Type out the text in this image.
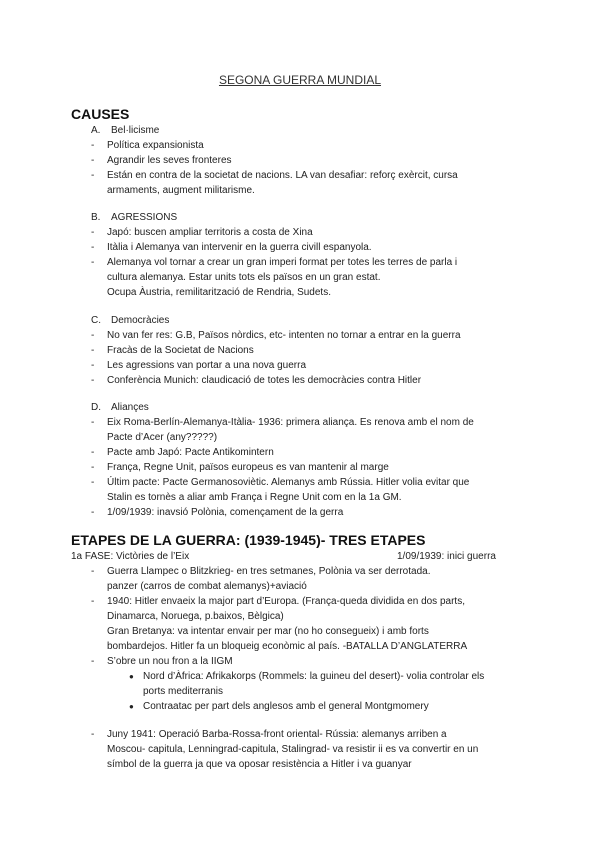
SEGONA GUERRA MUNDIAL
CAUSES
A.	Bel·licisme
-	Política expansionista
-	Agrandir les seves fronteres
-	Están en contra de la societat de nacions. LA van desafiar: reforç exèrcit, cursa
armaments, augment militarisme.
B.	AGRESSIONS
-	Japó: buscen ampliar territoris a costa de Xina
-	Itàlia i Alemanya van intervenir en la guerra civill espanyola.
-	Alemanya vol tornar a crear un gran imperi format per totes les terres de parla i
cultura alemanya. Estar units tots els països en un gran estat.
Ocupa Àustria, remilitarització de Rendria, Sudets.
C.	Democràcies
-	No van fer res: G.B, Països nòrdics, etc- intenten no tornar a entrar en la guerra
-	Fracàs de la Societat de Nacions
-	Les agressions van portar a una nova guerra
-	Conferència Munich: claudicació de totes les democràcies contra Hitler
D.	Aliançes
-	Eix Roma-Berlín-Alemanya-Itàlia- 1936: primera aliança. Es renova amb el nom de
Pacte d’Acer (any?????)
-	Pacte amb Japó: Pacte Antikomintern
-	França, Regne Unit, països europeus es van mantenir al marge
-	Últim pacte: Pacte Germanosoviètic. Alemanys amb Rússia. Hitler volia evitar que
Stalin es tornès a aliar amb França i Regne Unit com en la 1a GM.
-	1/09/1939: inavsió Polònia, començament de la gerra
ETAPES DE LA GUERRA: (1939-1945)- TRES ETAPES
1a FASE: Victòries de l’Eix	1/09/1939: inici guerra
-	Guerra Llampec o Blitzkrieg- en tres setmanes, Polònia va ser derrotada.
panzer (carros de combat alemanys)+aviació
-	1940: Hitler envaeix la major part d’Europa. (França-queda dividida en dos parts,
Dinamarca, Noruega, p.baixos, Bèlgica)
Gran Bretanya: va intentar envair per mar (no ho consegueix) i amb forts
bombardejos. Hitler fa un bloqueig econòmic al país. -BATALLA D’ANGLATERRA
-	S’obre un nou fron a la IIGM
● Nord d’Àfrica: Afrikakorps (Rommels: la guineu del desert)- volia controlar els
ports mediterranis
● Contraatac per part dels anglesos amb el general Montgmomery
-	Juny 1941: Operació Barba-Rossa-front oriental- Rússia: alemanys arriben a
Moscou- capitula, Lenningrad-capitula, Stalingrad- va resistir ii es va convertir en un
símbol de la guerra ja que va oposar resistència a Hitler i va guanyar
